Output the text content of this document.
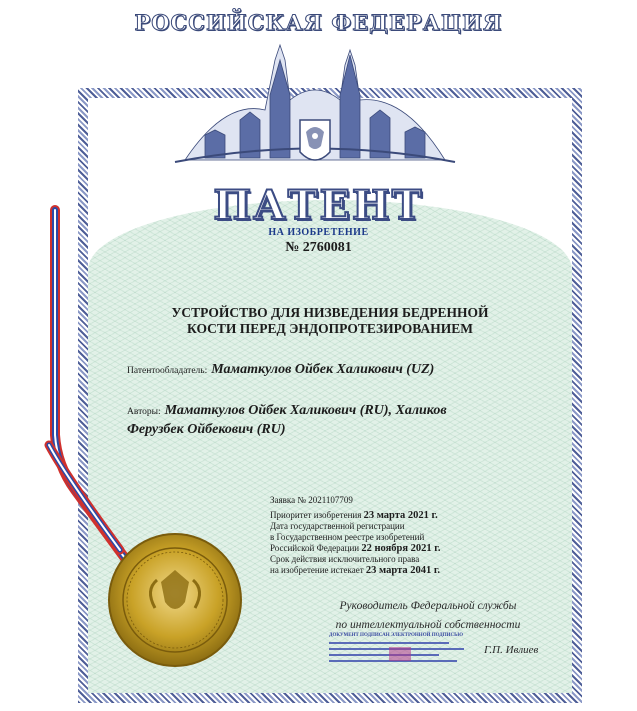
РОССИЙСКАЯ ФЕДЕРАЦИЯ
ПАТЕНТ
НА ИЗОБРЕТЕНИЕ
№ 2760081
УСТРОЙСТВО ДЛЯ НИЗВЕДЕНИЯ БЕДРЕННОЙ
КОСТИ ПЕРЕД ЭНДОПРОТЕЗИРОВАНИЕМ
Патентообладатель: Маматкулов Ойбек Халикович (UZ)
Авторы: Маматкулов Ойбек Халикович (RU), Халиков
Ферузбек Ойбекович (RU)
Заявка № 2021107709
Приоритет изобретения 23 марта 2021 г.
Дата государственной регистрации
в Государственном реестре изобретений
Российской Федерации 22 ноября 2021 г.
Срок действия исключительного права
на изобретение истекает 23 марта 2041 г.
Руководитель Федеральной службы
по интеллектуальной собственности
ДОКУМЕНТ ПОДПИСАН ЭЛЕКТРОННОЙ ПОДПИСЬЮ
Г.П. Ивлиев
